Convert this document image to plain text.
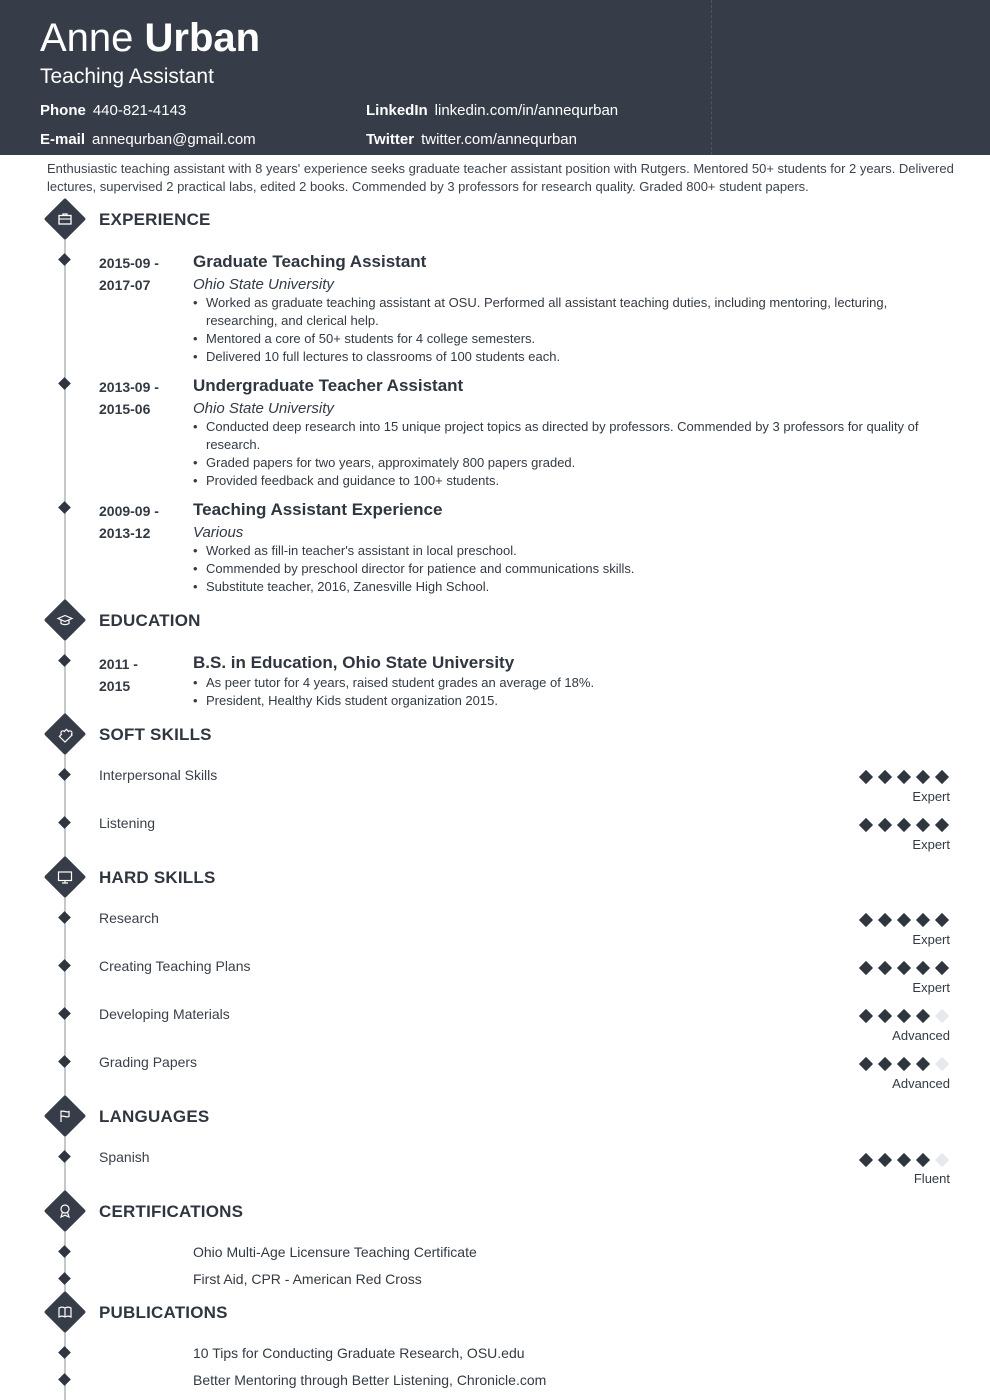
Anne Urban
Teaching Assistant
Phone 440-821-4143
E-mail annequrban@gmail.com
LinkedIn linkedin.com/in/annequrban
Twitter twitter.com/annequrban
Enthusiastic teaching assistant with 8 years' experience seeks graduate teacher assistant position with Rutgers. Mentored 50+ students for 2 years. Delivered lectures, supervised 2 practical labs, edited 2 books. Commended by 3 professors for research quality. Graded 800+ student papers.
EXPERIENCE
2015-09 -
2017-07
Graduate Teaching Assistant
Ohio State University
• Worked as graduate teaching assistant at OSU. Performed all assistant teaching duties, including mentoring, lecturing, researching, and clerical help.
• Mentored a core of 50+ students for 4 college semesters.
• Delivered 10 full lectures to classrooms of 100 students each.
2013-09 -
2015-06
Undergraduate Teacher Assistant
Ohio State University
• Conducted deep research into 15 unique project topics as directed by professors. Commended by 3 professors for quality of research.
• Graded papers for two years, approximately 800 papers graded.
• Provided feedback and guidance to 100+ students.
2009-09 -
2013-12
Teaching Assistant Experience
Various
• Worked as fill-in teacher's assistant in local preschool.
• Commended by preschool director for patience and communications skills.
• Substitute teacher, 2016, Zanesville High School.
EDUCATION
2011 -
2015
B.S. in Education, Ohio State University
• As peer tutor for 4 years, raised student grades an average of 18%.
• President, Healthy Kids student organization 2015.
SOFT SKILLS
Interpersonal Skills
Expert
Listening
Expert
HARD SKILLS
Research
Expert
Creating Teaching Plans
Expert
Developing Materials
Advanced
Grading Papers
Advanced
LANGUAGES
Spanish
Fluent
CERTIFICATIONS
Ohio Multi-Age Licensure Teaching Certificate
First Aid, CPR - American Red Cross
PUBLICATIONS
10 Tips for Conducting Graduate Research, OSU.edu
Better Mentoring through Better Listening, Chronicle.com
